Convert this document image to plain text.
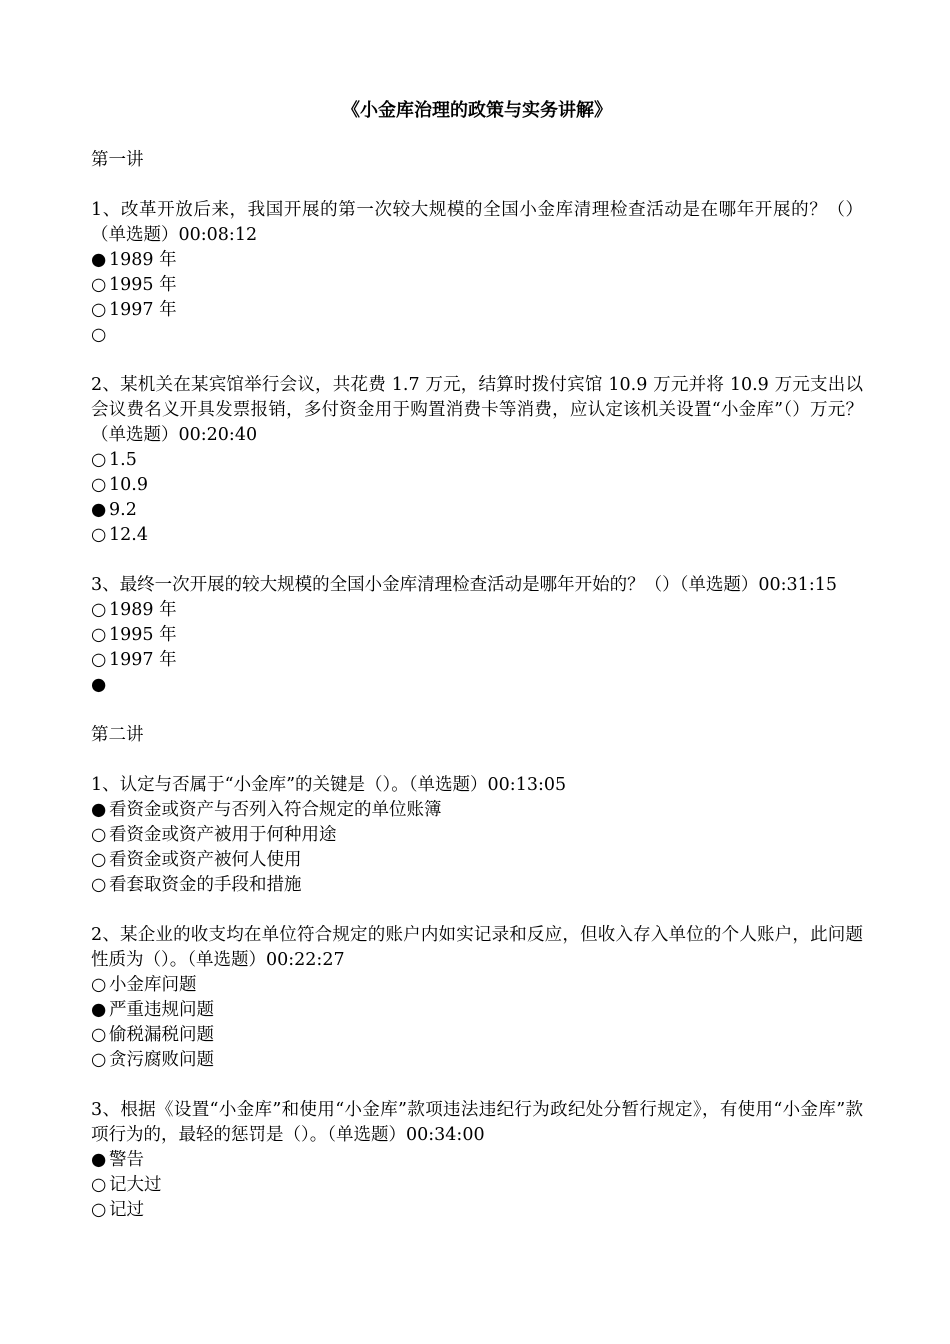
《小金库治理的政策与实务讲解》
第一讲
1、改革开放后来，我国开展的第一次较大规模的全国小金库清理检查活动是在哪年开展的？（）（单选题）00:08:12
● 1989 年
○ 1995 年
○ 1997 年
○
2、某机关在某宾馆举行会议，共花费 1.7 万元，结算时拨付宾馆 10.9 万元并将 10.9 万元支出以会议费名义开具发票报销，多付资金用于购置消费卡等消费，应认定该机关设置“小金库”（）万元？（单选题）00:20:40
○ 1.5
○ 10.9
● 9.2
○ 12.4
3、最终一次开展的较大规模的全国小金库清理检查活动是哪年开始的？（）（单选题）00:31:15
○ 1989 年
○ 1995 年
○ 1997 年
●
第二讲
1、认定与否属于“小金库”的关键是（）。（单选题）00:13:05
● 看资金或资产与否列入符合规定的单位账簿
○ 看资金或资产被用于何种用途
○ 看资金或资产被何人使用
○ 看套取资金的手段和措施
2、某企业的收支均在单位符合规定的账户内如实记录和反应，但收入存入单位的个人账户，此问题性质为（）。（单选题）00:22:27
○ 小金库问题
● 严重违规问题
○ 偷税漏税问题
○ 贪污腐败问题
3、根据《设置“小金库”和使用“小金库”款项违法违纪行为政纪处分暂行规定》，有使用“小金库”款项行为的，最轻的惩罚是（）。（单选题）00:34:00
● 警告
○ 记大过
○ 记过
